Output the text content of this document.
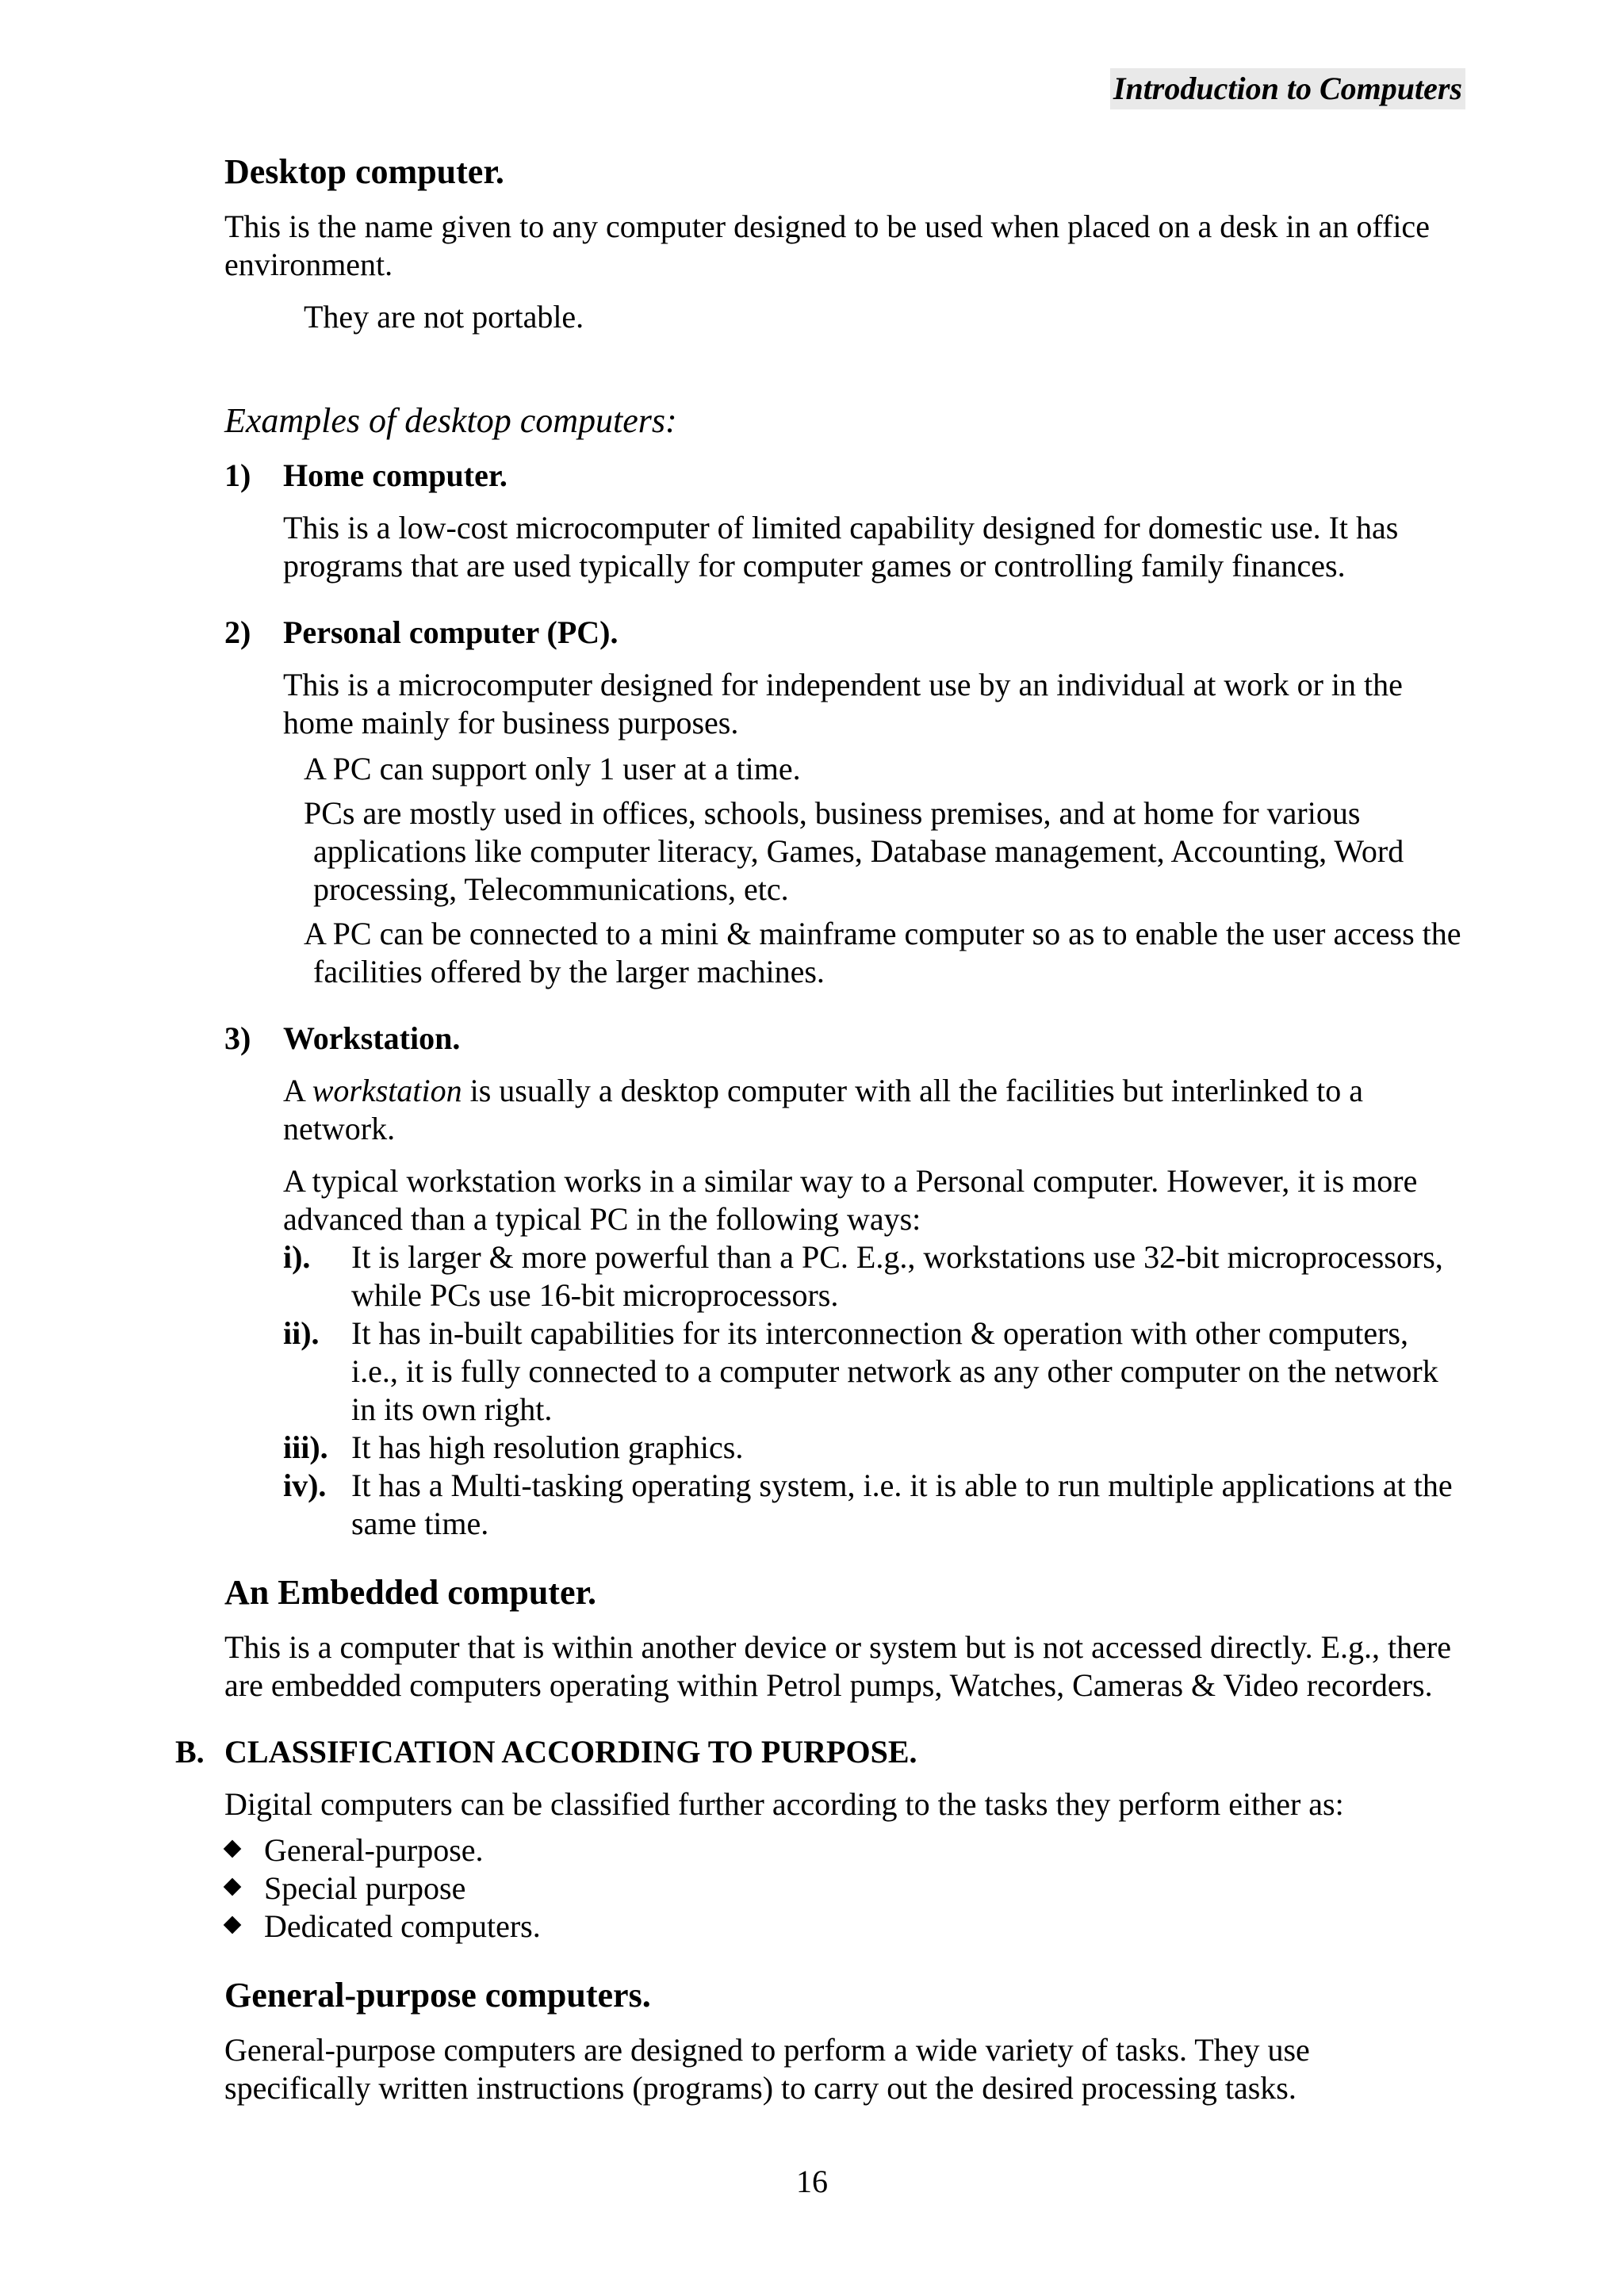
Introduction to Computers
Desktop computer.
This is the name given to any computer designed to be used when placed on a desk in an office environment.
They are not portable.
Examples of desktop computers:
1) Home computer.
This is a low-cost microcomputer of limited capability designed for domestic use. It has programs that are used typically for computer games or controlling family finances.
2) Personal computer (PC).
This is a microcomputer designed for independent use by an individual at work or in the home mainly for business purposes.
A PC can support only 1 user at a time.
PCs are mostly used in offices, schools, business premises, and at home for various applications like computer literacy, Games, Database management, Accounting, Word processing, Telecommunications, etc.
A PC can be connected to a mini & mainframe computer so as to enable the user access the facilities offered by the larger machines.
3) Workstation.
A workstation is usually a desktop computer with all the facilities but interlinked to a network.
A typical workstation works in a similar way to a Personal computer. However, it is more advanced than a typical PC in the following ways:
i). It is larger & more powerful than a PC. E.g., workstations use 32-bit microprocessors, while PCs use 16-bit microprocessors.
ii). It has in-built capabilities for its interconnection & operation with other computers, i.e., it is fully connected to a computer network as any other computer on the network in its own right.
iii). It has high resolution graphics.
iv). It has a Multi-tasking operating system, i.e. it is able to run multiple applications at the same time.
An Embedded computer.
This is a computer that is within another device or system but is not accessed directly. E.g., there are embedded computers operating within Petrol pumps, Watches, Cameras & Video recorders.
B. CLASSIFICATION ACCORDING TO PURPOSE.
Digital computers can be classified further according to the tasks they perform either as:
General-purpose.
Special purpose
Dedicated computers.
General-purpose computers.
General-purpose computers are designed to perform a wide variety of tasks. They use specifically written instructions (programs) to carry out the desired processing tasks.
16
